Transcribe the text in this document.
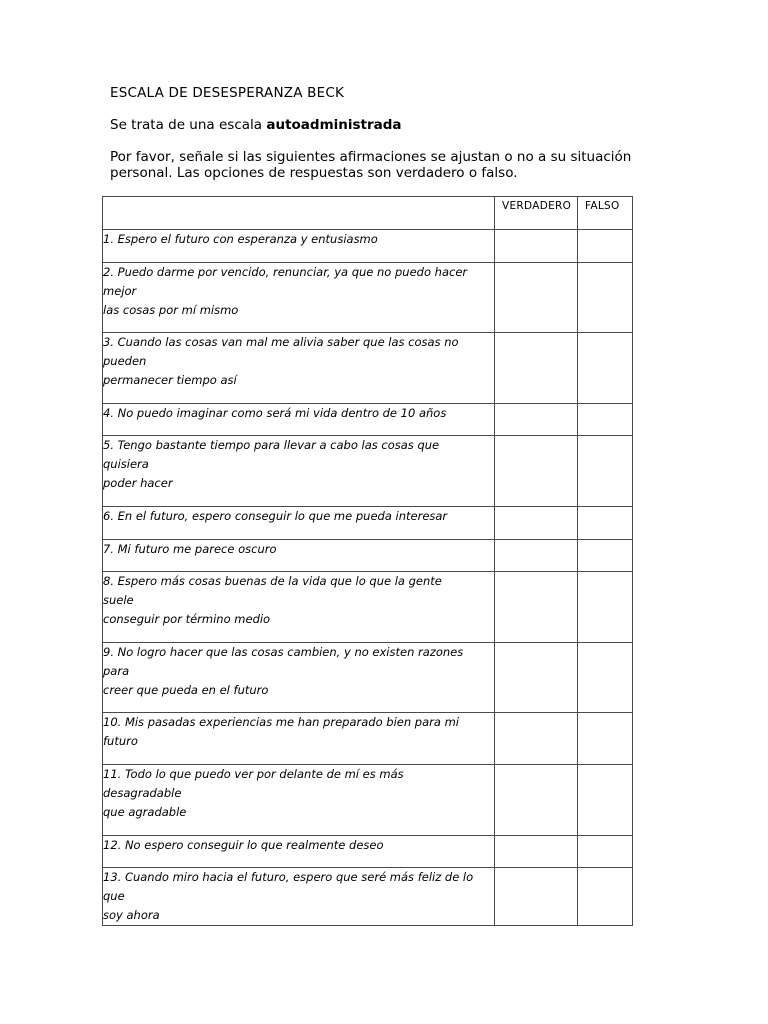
ESCALA DE DESESPERANZA BECK
Se trata de una escala autoadministrada
Por favor, señale si las siguientes afirmaciones se ajustan o no a su situación personal. Las opciones de respuestas son verdadero o falso.
	VERDADERO	FALSO

1. Espero el futuro con esperanza y entusiasmo		

2. Puedo darme por vencido, renunciar, ya que no puedo hacer
mejor
las cosas por mí mismo		

3. Cuando las cosas van mal me alivia saber que las cosas no
pueden
permanecer tiempo así		

4. No puedo imaginar como será mi vida dentro de 10 años		

5. Tengo bastante tiempo para llevar a cabo las cosas que
quisiera
poder hacer		

6. En el futuro, espero conseguir lo que me pueda interesar		

7. Mi futuro me parece oscuro		

8. Espero más cosas buenas de la vida que lo que la gente
suele
conseguir por término medio		

9. No logro hacer que las cosas cambien, y no existen razones
para
creer que pueda en el futuro		

10. Mis pasadas experiencias me han preparado bien para mi
futuro		

11. Todo lo que puedo ver por delante de mí es más
desagradable
que agradable		

12. No espero conseguir lo que realmente deseo		

13. Cuando miro hacia el futuro, espero que seré más feliz de lo
que
soy ahora		
